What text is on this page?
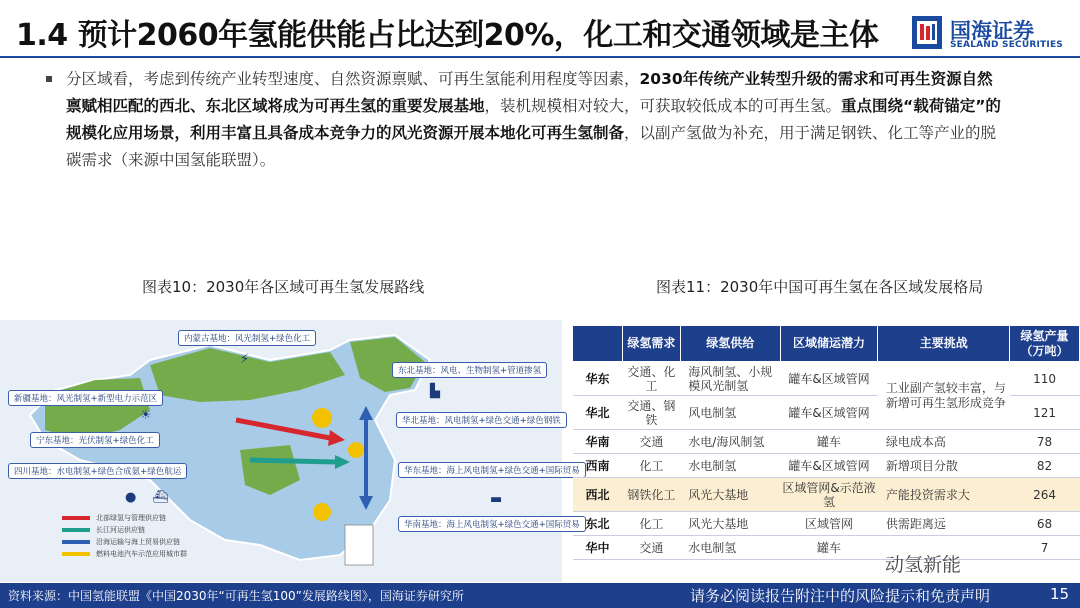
1.4 预计2060年氢能供能占比达到20%，化工和交通领域是主体	国海证券
SEALAND SECURITIES
分区域看，考虑到传统产业转型速度、自然资源禀赋、可再生氢能利用程度等因素，2030年传统产业转型升级的需求和可再生资源自然禀赋相匹配的西北、东北区域将成为可再生氢的重要发展基地，装机规模相对较大，可获取较低成本的可再生氢。重点围绕“载荷锚定”的规模化应用场景，利用丰富且具备成本竞争力的风光资源开展本地化可再生氢制备，以副产氢做为补充，用于满足钢铁、化工等产业的脱碳需求（来源中国氢能联盟）。
图表10：2030年各区域可再生氢发展路线	图表11：2030年中国可再生氢在各区域发展格局
内蒙古基地：风光制氢+绿色化工
东北基地：风电、生物制氢+管道掺氢
新疆基地：风光制氢+新型电力示范区
华北基地：风电制氢+绿色交通+绿色钢铁
宁东基地：光伏制氢+绿色化工
四川基地：水电制氢+绿色合成氨+绿色航运	华东基地：海上风电制氢+绿色交通+国际贸易
华南基地：海上风电制氢+绿色交通+国际贸易
⚡
☀
▙
● ⛴	▬
北部绿氢与管理供应链
长江河运供应链
沿海运输与海上贸易供应链
燃料电池汽车示范应用城市群
	绿氢需求	绿氢供给	区域储运潜力	主要挑战	绿氢产量（万吨）
华东	交通、化工	海风制氢、小规模风光制氢	罐车&区域管网	工业副产氢较丰富，与新增可再生氢形成竞争	110
华北	交通、钢铁	风电制氢	罐车&区域管网		121
华南	交通	水电/海风制氢	罐车	绿电成本高	78
西南	化工	水电制氢	罐车&区域管网	新增项目分散	82
西北	钢铁化工	风光大基地	区域管网&示范液氢	产能投资需求大	264
东北	化工	风光大基地	区域管网	供需距离远	68
华中	交通	水电制氢	罐车		7
动氢新能
资料来源：中国氢能联盟《中国2030年“可再生氢100”发展路线图》，国海证券研究所	请务必阅读报告附注中的风险提示和免责声明	15
